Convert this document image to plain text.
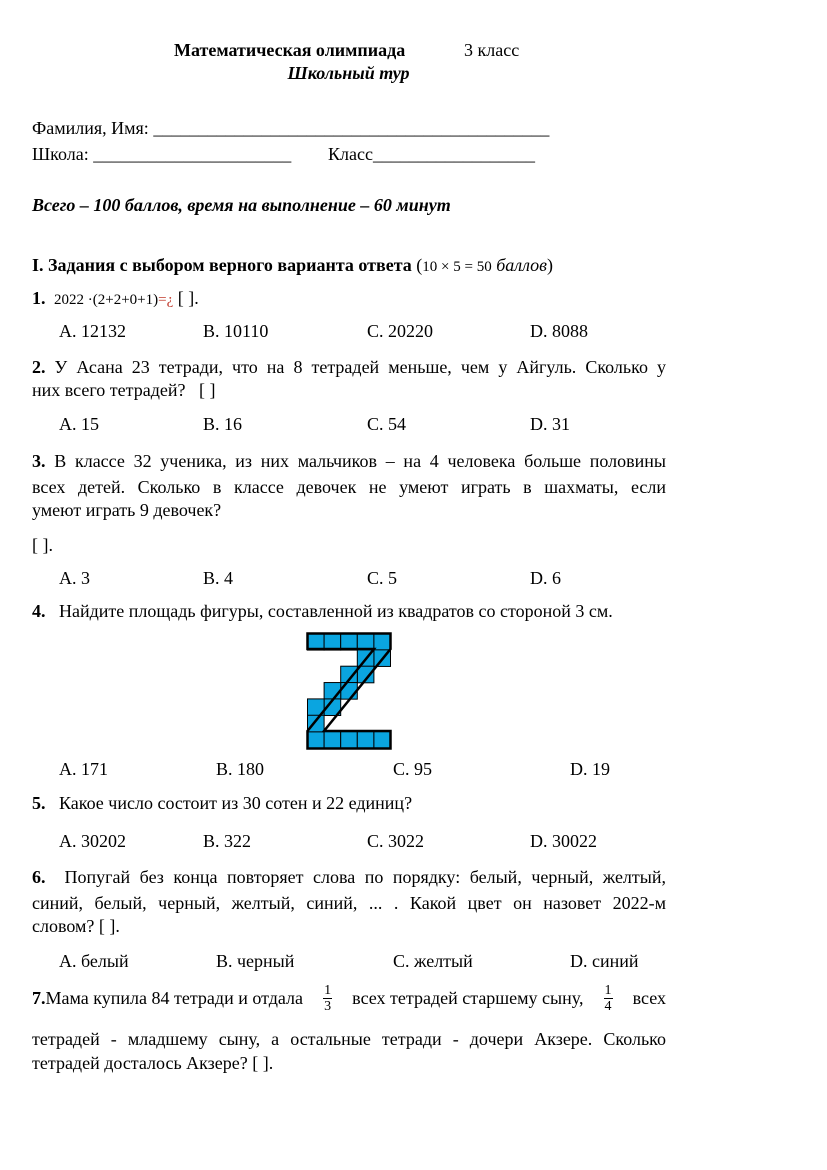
Математическая олимпиада	3 класс
Школьный тур
Фамилия, Имя: ____________________________________________
Школа: ______________________ Класс__________________
Всего – 100 баллов, время на выполнение – 60 минут
I. Задания с выбором верного варианта ответа (10 × 5 = 50 баллов)
1. 2022 ·(2+2+0+1)=¿ [ ].
A. 12132	B. 10110	C. 20220	D. 8088
2. У Асана 23 тетради, что на 8 тетрадей меньше, чем у Айгуль. Сколько у
них всего тетрадей? [ ]
A. 15	B. 16	C. 54	D. 31
3. В классе 32 ученика, из них мальчиков – на 4 человека больше половины
всех детей. Сколько в классе девочек не умеют играть в шахматы, если
умеют играть 9 девочек?
[ ].
A. 3	B. 4	C. 5	D. 6
4. Найдите площадь фигуры, составленной из квадратов со стороной 3 см.
A. 171	B. 180	C. 95	D. 19
5. Какое число состоит из 30 сотен и 22 единиц?
A. 30202	B. 322	C. 3022	D. 30022
6. Попугай без конца повторяет слова по порядку: белый, черный, желтый,
синий, белый, черный, желтый, синий, ... . Какой цвет он назовет 2022-м
словом? [ ].
A. белый	B. черный	C. желтый	D. синий
7.Мама купила 84 тетради и отдала $\frac{1}{3}$ всех тетрадей старшему сыну, $\frac{1}{4}$ всех
тетрадей - младшему сыну, а остальные тетради - дочери Акзере. Сколько
тетрадей досталось Акзере? [ ].
